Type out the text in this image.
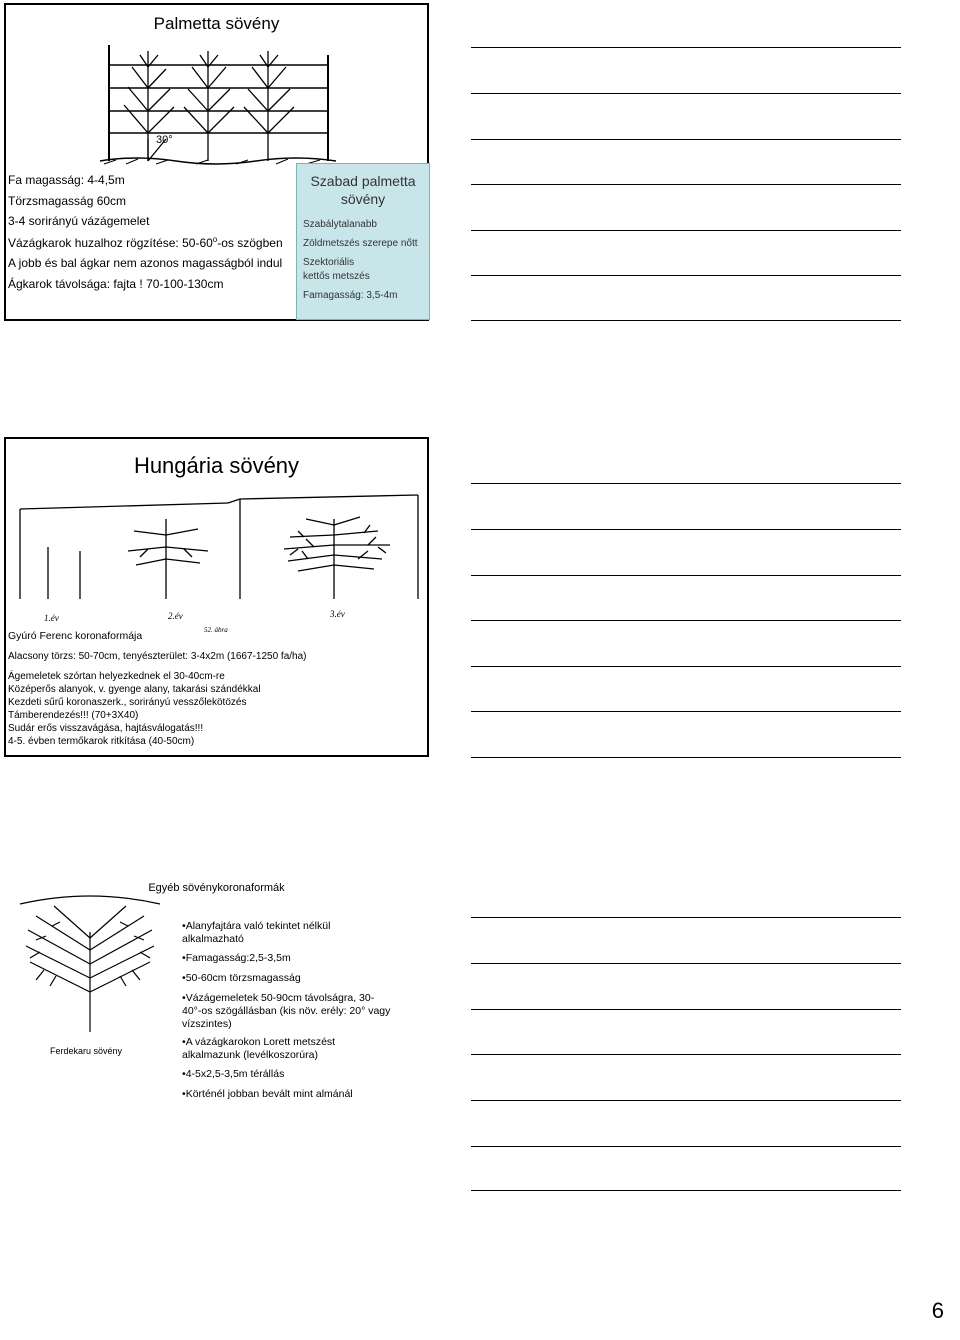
Palmetta sövény
30°
Fa magasság: 4-4,5m
Törzsmagasság 60cm
3-4 sorirányú vázágemelet
Vázágkarok huzalhoz rögzítése: 50-60$^o$-os szögben
A jobb és bal ágkar nem azonos magasságból indul
Ágkarok távolsága: fajta ! 70-100-130cm
Szabad palmetta sövény
Szabálytalanabb
Zöldmetszés szerepe nőtt
Szektoriális kettős metszés
Famagasság: 3,5-4m
Hungária sövény
1.év	2.év
52. ábra
3.év
Gyúró Ferenc koronaformája
Alacsony törzs: 50-70cm, tenyészterület: 3-4x2m (1667-1250 fa/ha)
Ágemeletek szórtan helyezkednek el 30-40cm-re
Középerős alanyok, v. gyenge alany, takarási szándékkal
Kezdeti sűrű koronaszerk., sorirányú vesszőlekötözés
Támberendezés!!! (70+3X40)
Sudár erős visszavágása, hajtásválogatás!!!
4-5. évben termőkarok ritkítása (40-50cm)
Egyéb sövénykoronaformák
Ferdekaru sövény
•Alanyfajtára való tekintet nélkül
alkalmazható
•Famagasság:2,5-3,5m
•50-60cm törzsmagasság
•Vázágemeletek 50-90cm távolságra, 30-
40°-os szögállásban (kis növ. erély: 20° vagy
vízszintes)
•A vázágkarokon Lorett metszést
alkalmazunk (levélkoszorúra)
•4-5x2,5-3,5m térállás
•Körténél jobban bevált mint almánál
6
